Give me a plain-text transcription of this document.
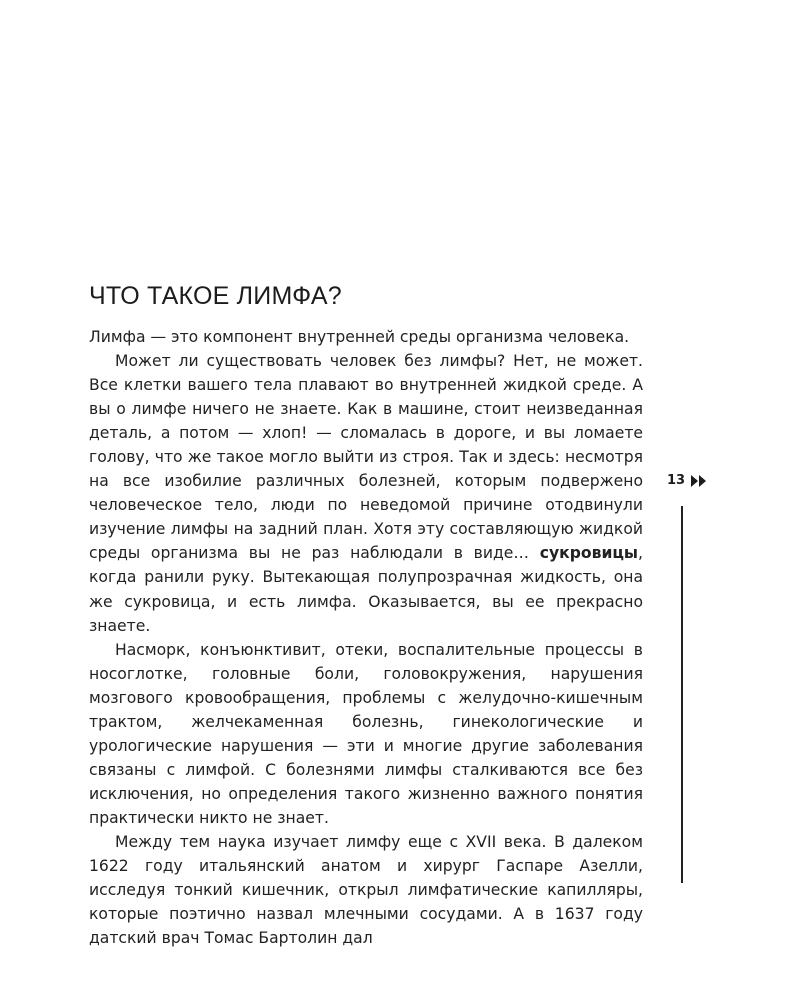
ЧТО ТАКОЕ ЛИМФА?

Лимфа — это компонент внутренней среды организма человека.

Может ли существовать человек без лимфы? Нет, не может. Все клетки вашего тела плавают во внутренней жидкой среде. А вы о лимфе ничего не знаете. Как в машине, стоит неизведанная деталь, а потом — хлоп! — сломалась в дороге, и вы ломаете голову, что же такое могло выйти из строя. Так и здесь: несмотря на все изобилие различных болезней, которым подвержено человеческое тело, люди по неведомой причине отодвинули изучение лимфы на задний план. Хотя эту составляющую жидкой среды организма вы не раз наблюдали в виде… сукровицы, когда ранили руку. Вытекающая полупрозрачная жидкость, она же сукровица, и есть лимфа. Оказывается, вы ее прекрасно знаете.

Насморк, конъюнктивит, отеки, воспалительные процессы в носоглотке, головные боли, головокружения, нарушения мозгового кровообращения, проблемы с желудочно-кишечным трактом, желчекаменная болезнь, гинекологические и урологические нарушения — эти и многие другие заболевания связаны с лимфой. С болезнями лимфы сталкиваются все без исключения, но определения такого жизненно важного понятия практически никто не знает.

Между тем наука изучает лимфу еще с XVII века. В далеком 1622 году итальянский анатом и хирург Гаспаре Азелли, исследуя тонкий кишечник, открыл лимфатические капилляры, которые поэтично назвал млечными сосудами. А в 1637 году датский врач Томас Бартолин дал

13
